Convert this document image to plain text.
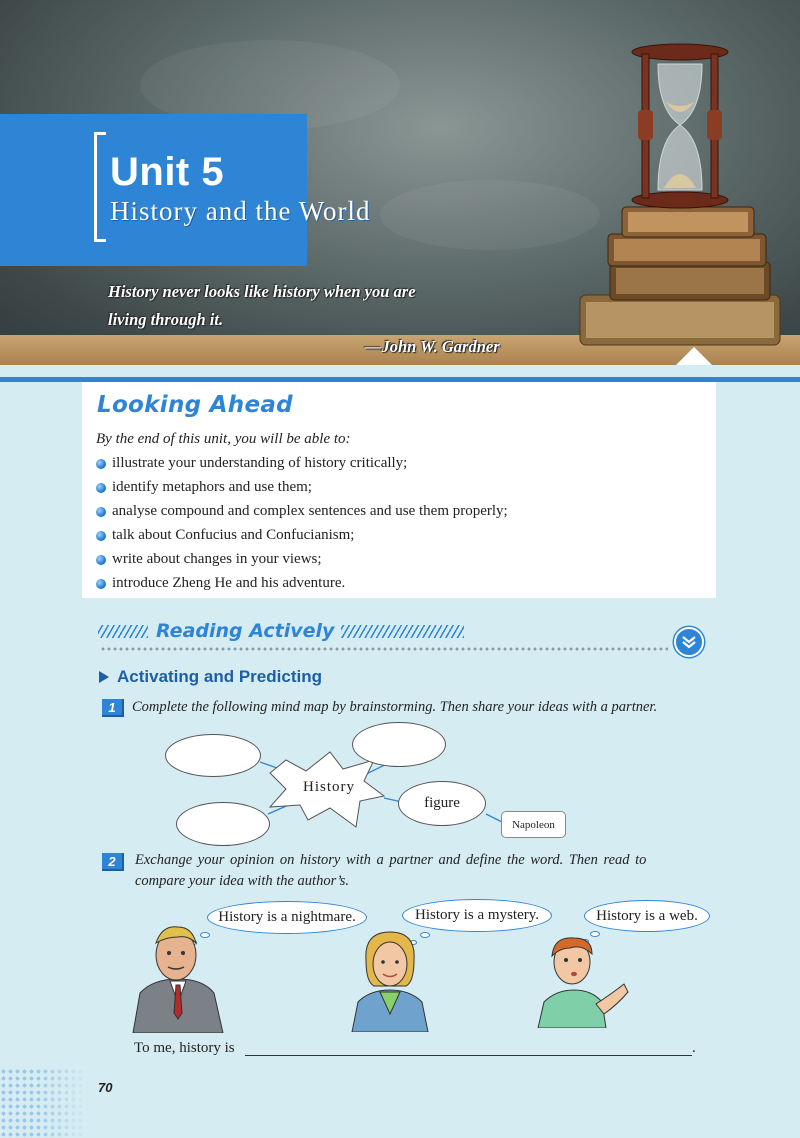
Unit 5
History and the World
History never looks like history when you are
living through it.
—John W. Gardner
Looking Ahead
By the end of this unit, you will be able to:
illustrate your understanding of history critically;
identify metaphors and use them;
analyse compound and complex sentences and use them properly;
talk about Confucius and Confucianism;
write about changes in your views;
introduce Zheng He and his adventure.
Reading Actively
Activating and Predicting
1	Complete the following mind map by brainstorming. Then share your ideas with a partner.
figure
History
Napoleon
2	Exchange your opinion on history with a partner and define the word. Then read to
compare your idea with the author’s.
History is a nightmare.	History is a mystery.	History is a web.
To me, history is	.
70
